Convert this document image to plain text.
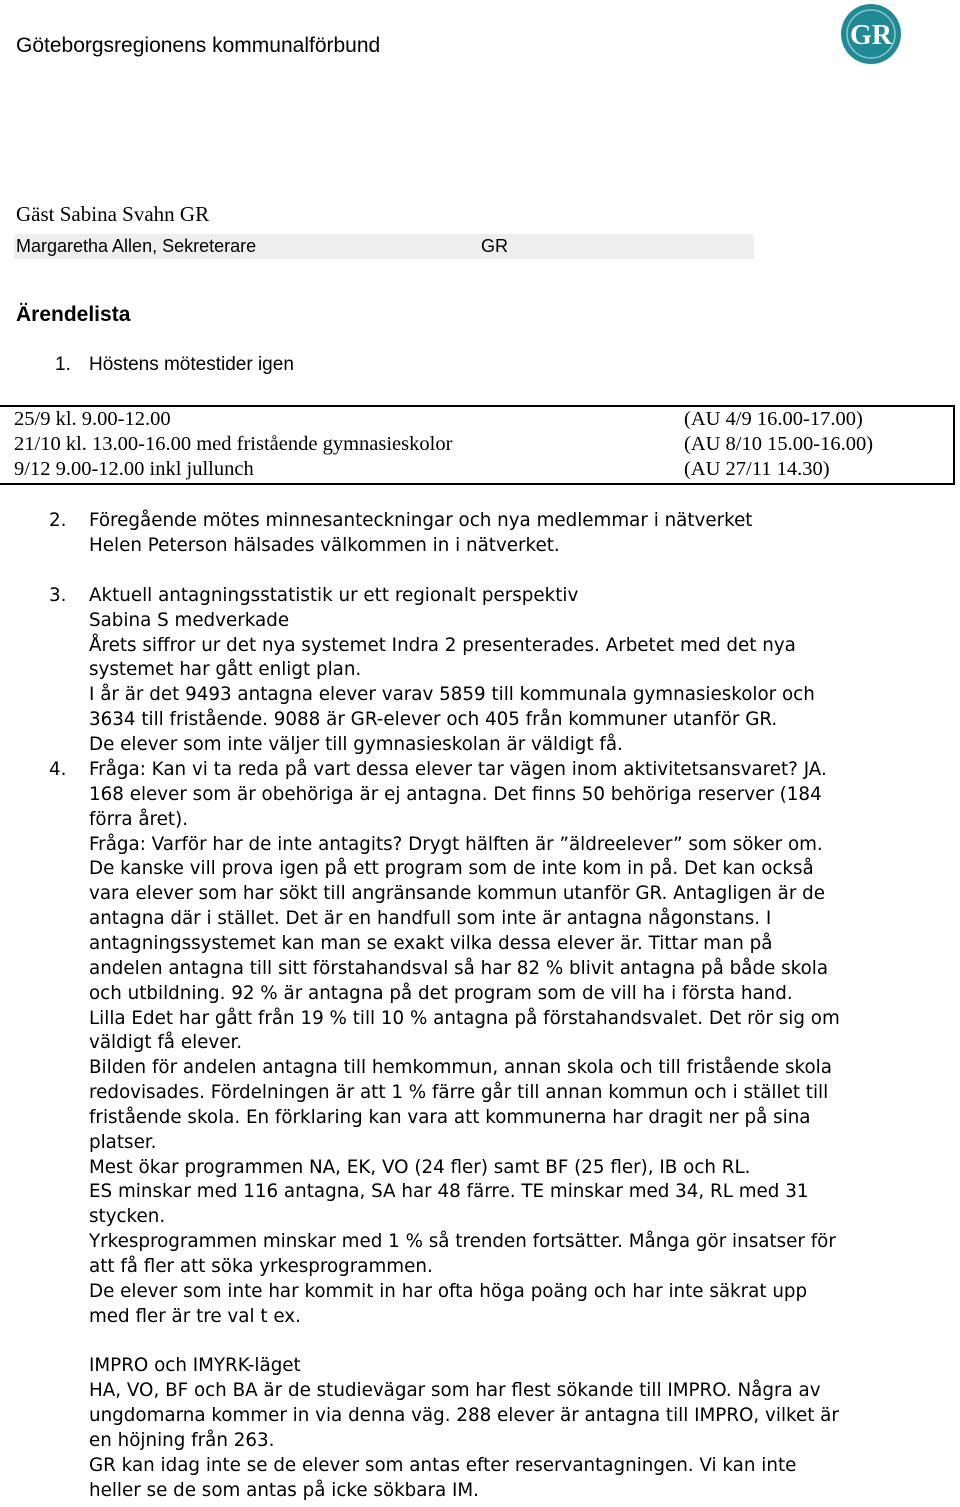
Göteborgsregionens kommunalförbund	GR
Gäst Sabina Svahn GR
Margaretha Allen, Sekreterare	GR
Ärendelista
1. Höstens mötestider igen
25/9 kl. 9.00-12.00	(AU 4/9 16.00-17.00)
21/10 kl. 13.00-16.00 med fristående gymnasieskolor	(AU 8/10 15.00-16.00)
9/12 9.00-12.00 inkl jullunch	(AU 27/11 14.30)
2. Föregående mötes minnesanteckningar och nya medlemmar i nätverket
Helen Peterson hälsades välkommen in i nätverket.
3. Aktuell antagningsstatistik ur ett regionalt perspektiv
Sabina S medverkade
Årets siffror ur det nya systemet Indra 2 presenterades. Arbetet med det nya
systemet har gått enligt plan.
I år är det 9493 antagna elever varav 5859 till kommunala gymnasieskolor och
3634 till fristående. 9088 är GR-elever och 405 från kommuner utanför GR.
De elever som inte väljer till gymnasieskolan är väldigt få.
4. Fråga: Kan vi ta reda på vart dessa elever tar vägen inom aktivitetsansvaret? JA.
168 elever som är obehöriga är ej antagna. Det finns 50 behöriga reserver (184
förra året).
Fråga: Varför har de inte antagits? Drygt hälften är ”äldreelever” som söker om.
De kanske vill prova igen på ett program som de inte kom in på. Det kan också
vara elever som har sökt till angränsande kommun utanför GR. Antagligen är de
antagna där i stället. Det är en handfull som inte är antagna någonstans. I
antagningssystemet kan man se exakt vilka dessa elever är. Tittar man på
andelen antagna till sitt förstahandsval så har 82 % blivit antagna på både skola
och utbildning. 92 % är antagna på det program som de vill ha i första hand.
Lilla Edet har gått från 19 % till 10 % antagna på förstahandsvalet. Det rör sig om
väldigt få elever.
Bilden för andelen antagna till hemkommun, annan skola och till fristående skola
redovisades. Fördelningen är att 1 % färre går till annan kommun och i stället till
fristående skola. En förklaring kan vara att kommunerna har dragit ner på sina
platser.
Mest ökar programmen NA, EK, VO (24 fler) samt BF (25 fler), IB och RL.
ES minskar med 116 antagna, SA har 48 färre. TE minskar med 34, RL med 31
stycken.
Yrkesprogrammen minskar med 1 % så trenden fortsätter. Många gör insatser för
att få fler att söka yrkesprogrammen.
De elever som inte har kommit in har ofta höga poäng och har inte säkrat upp
med fler är tre val t ex.
IMPRO och IMYRK-läget
HA, VO, BF och BA är de studievägar som har flest sökande till IMPRO. Några av
ungdomarna kommer in via denna väg. 288 elever är antagna till IMPRO, vilket är
en höjning från 263.
GR kan idag inte se de elever som antas efter reservantagningen. Vi kan inte
heller se de som antas på icke sökbara IM.
